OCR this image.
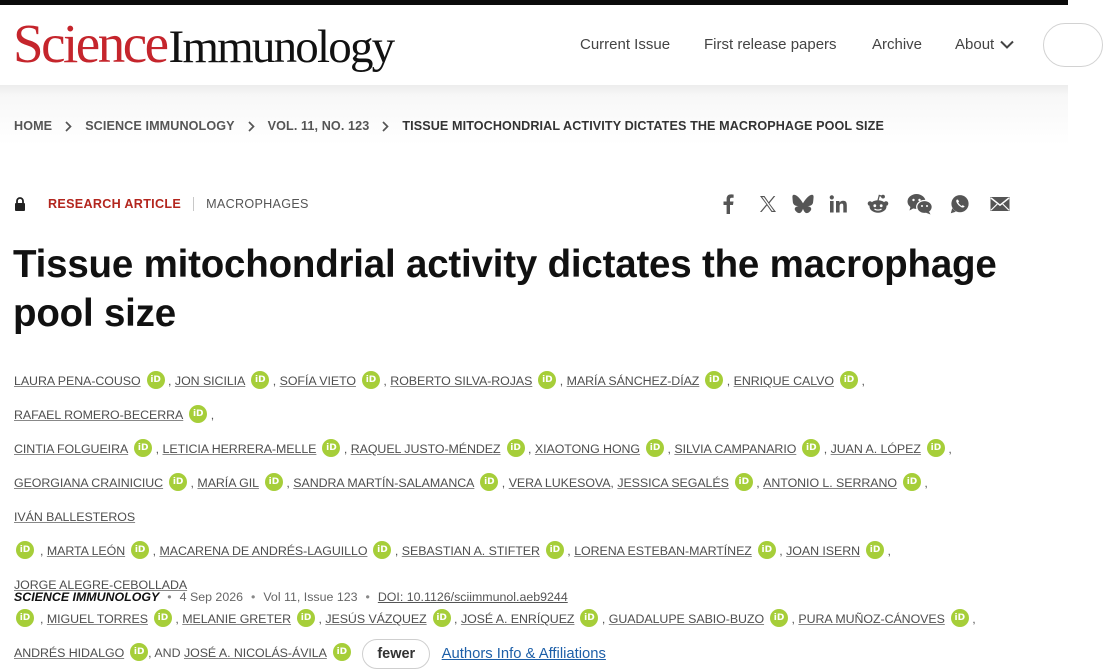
ScienceImmunology	Current Issue First release papers Archive About
HOME	SCIENCE IMMUNOLOGY	VOL. 11, NO. 123	TISSUE MITOCHONDRIAL ACTIVITY DICTATES THE MACROPHAGE POOL SIZE
RESEARCH ARTICLE MACROPHAGES
Tissue mitochondrial activity dictates the macrophage pool size
LAURA PENA-COUSO iD , JON SICILIA iD , SOFÍA VIETO iD , ROBERTO SILVA-ROJAS iD , MARÍA SÁNCHEZ-DÍAZ iD , ENRIQUE CALVO iD , RAFAEL ROMERO-BECERRA iD ,
CINTIA FOLGUEIRA iD , LETICIA HERRERA-MELLE iD , RAQUEL JUSTO-MÉNDEZ iD , XIAOTONG HONG iD , SILVIA CAMPANARIO iD , JUAN A. LÓPEZ iD ,
GEORGIANA CRAINICIUC iD , MARÍA GIL iD , SANDRA MARTÍN-SALAMANCA iD , VERA LUKESOVA, JESSICA SEGALÉS iD , ANTONIO L. SERRANO iD , IVÁN BALLESTEROS
iD , MARTA LEÓN iD , MACARENA DE ANDRÉS-LAGUILLO iD , SEBASTIAN A. STIFTER iD , LORENA ESTEBAN-MARTÍNEZ iD , JOAN ISERN iD , JORGE ALEGRE-CEBOLLADA
iD , MIGUEL TORRES iD , MELANIE GRETER iD , JESÚS VÁZQUEZ iD , JOSÉ A. ENRÍQUEZ iD , GUADALUPE SABIO-BUZO iD , PURA MUÑOZ-CÁNOVES iD ,
ANDRÉS HIDALGO iD , AND JOSÉ A. NICOLÁS-ÁVILA iD fewer Authors Info & Affiliations
SCIENCE IMMUNOLOGY • 4 Sep 2026 • Vol 11, Issue 123 • DOI: 10.1126/sciimmunol.aeb9244
